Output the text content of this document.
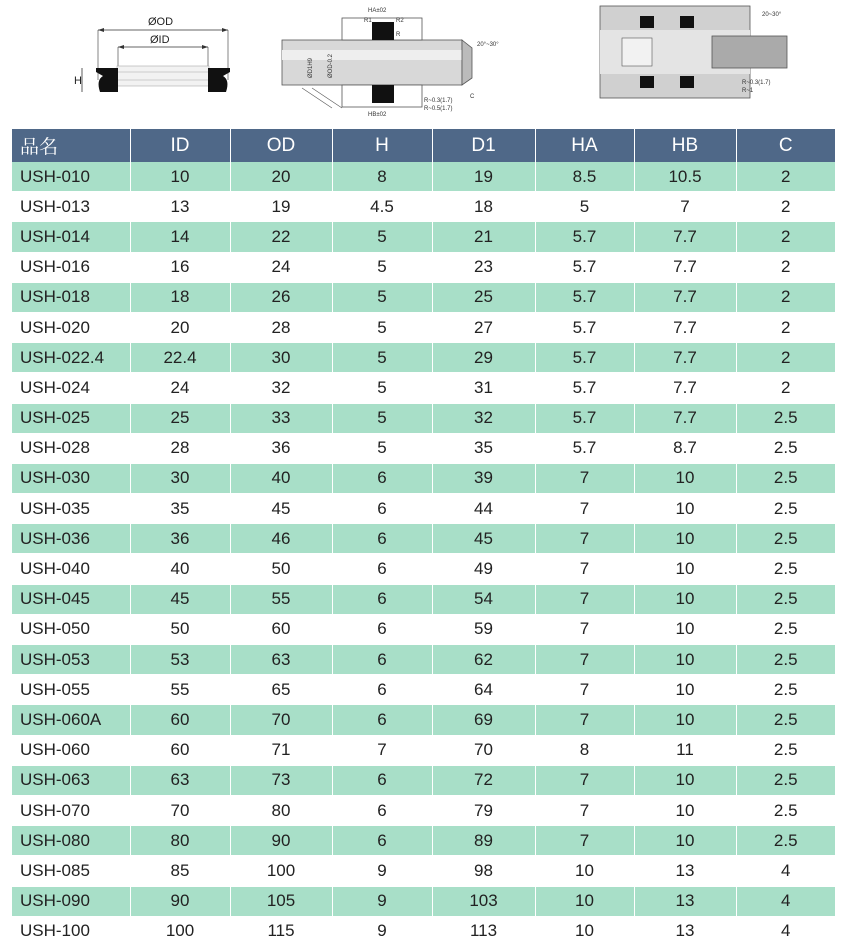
ØOD
ØID
H
HA±02
HB±02
R1	R2
R
ØD1H9 ØOD-0.2
20°~30°
C
R~0.3(1.7)
R~0.5(1.7)
20~30°
R~0.3(1.7)
R~1
品名	ID	OD	H	D1	HA	HB	C
USH-010	10	20	8	19	8.5	10.5	2
USH-013	13	19	4.5	18	5	7	2
USH-014	14	22	5	21	5.7	7.7	2
USH-016	16	24	5	23	5.7	7.7	2
USH-018	18	26	5	25	5.7	7.7	2
USH-020	20	28	5	27	5.7	7.7	2
USH-022.4	22.4	30	5	29	5.7	7.7	2
USH-024	24	32	5	31	5.7	7.7	2
USH-025	25	33	5	32	5.7	7.7	2.5
USH-028	28	36	5	35	5.7	8.7	2.5
USH-030	30	40	6	39	7	10	2.5
USH-035	35	45	6	44	7	10	2.5
USH-036	36	46	6	45	7	10	2.5
USH-040	40	50	6	49	7	10	2.5
USH-045	45	55	6	54	7	10	2.5
USH-050	50	60	6	59	7	10	2.5
USH-053	53	63	6	62	7	10	2.5
USH-055	55	65	6	64	7	10	2.5
USH-060A	60	70	6	69	7	10	2.5
USH-060	60	71	7	70	8	11	2.5
USH-063	63	73	6	72	7	10	2.5
USH-070	70	80	6	79	7	10	2.5
USH-080	80	90	6	89	7	10	2.5
USH-085	85	100	9	98	10	13	4
USH-090	90	105	9	103	10	13	4
USH-100	100	115	9	113	10	13	4
